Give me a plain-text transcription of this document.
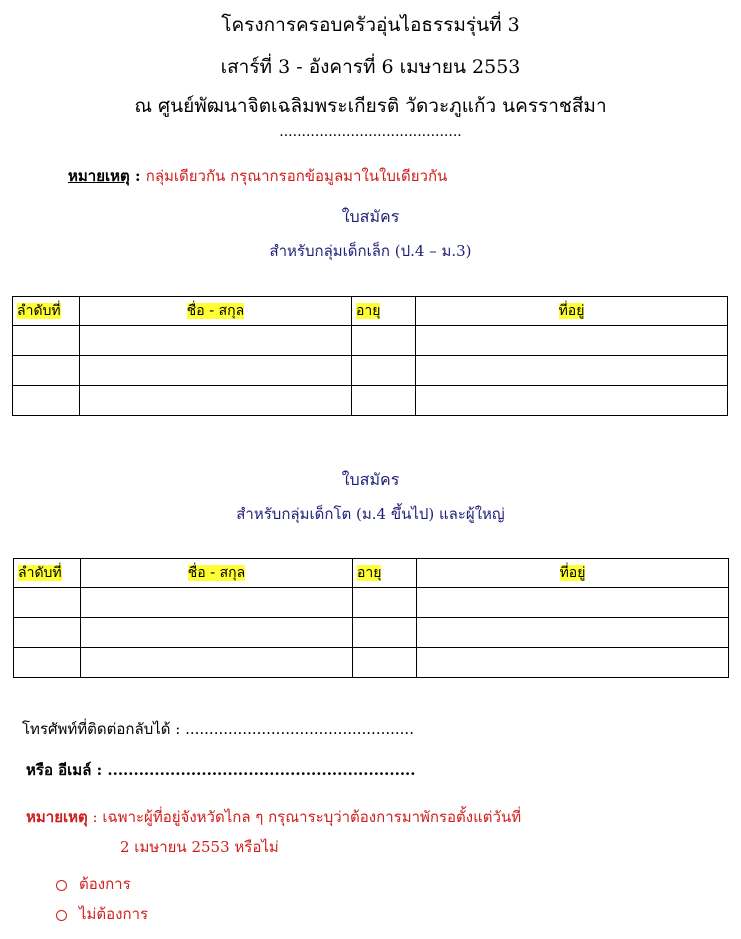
โครงการครอบครัวอุ่นไอธรรมรุ่นที่ 3
เสาร์ที่ 3 - อังคารที่ 6 เมษายน 2553
ณ ศูนย์พัฒนาจิตเฉลิมพระเกียรติ วัดวะภูแก้ว นครราชสีมา
.........................................
หมายเหตุ : กลุ่มเดียวกัน กรุณากรอกข้อมูลมาในใบเดียวกัน
ใบสมัคร
สำหรับกลุ่มเด็กเล็ก (ป.4 – ม.3)
ลำดับที่	ชื่อ - สกุล	อายุ	ที่อยู่

ใบสมัคร
สำหรับกลุ่มเด็กโต (ม.4 ขึ้นไป) และผู้ใหญ่
ลำดับที่	ชื่อ - สกุล	อายุ	ที่อยู่

โทรศัพท์ที่ติดต่อกลับได้ : ................................................
หรือ อีเมล์ : ...........................................................
หมายเหตุ : เฉพาะผู้ที่อยู่จังหวัดไกล ๆ กรุณาระบุว่าต้องการมาพักรอตั้งแต่วันที่
2 เมษายน 2553 หรือไม่
ต้องการ
ไม่ต้องการ
